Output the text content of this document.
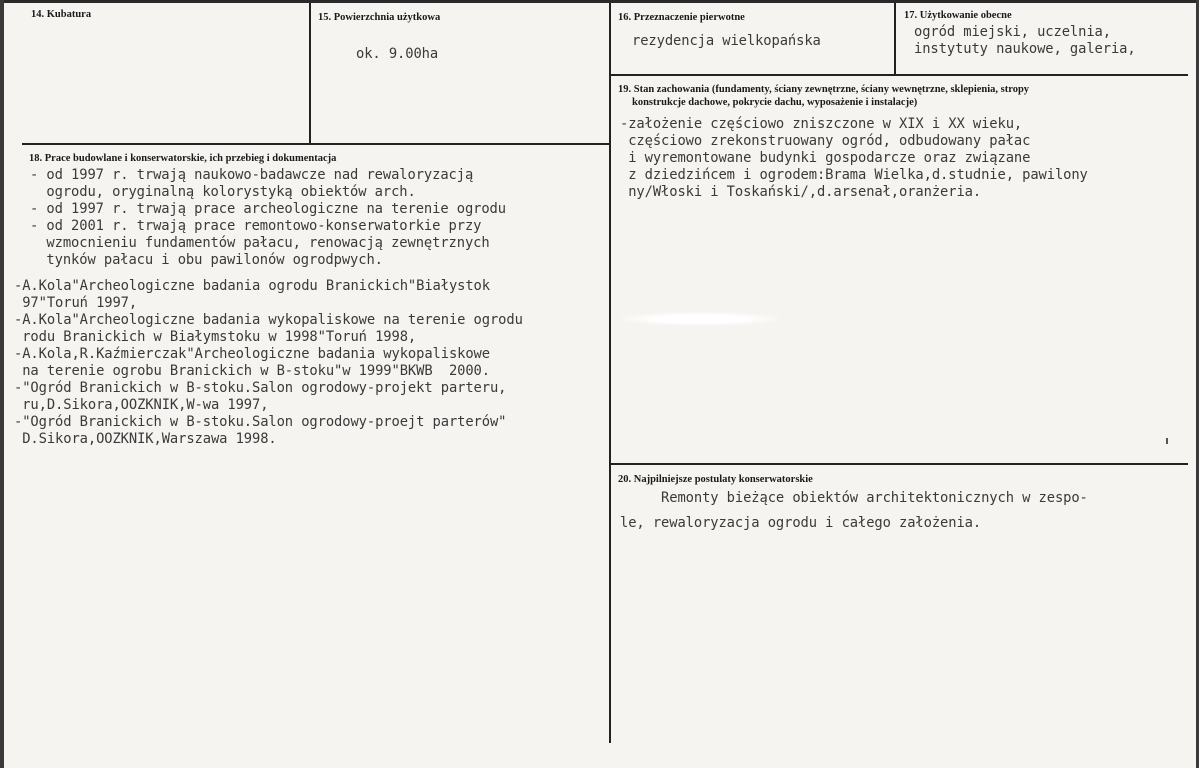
14. Kubatura	15. Powierzchnia użytkowa
ok. 9.00ha
16. Przeznaczenie pierwotne
rezydencja wielkopańska
17. Użytkowanie obecne
ogród miejski, uczelnia,
instytuty naukowe, galeria,
18. Prace budowlane i konserwatorskie, ich przebieg i dokumentacja
- od 1997 r. trwają naukowo-badawcze nad rewaloryzacją
ogrodu, oryginalną kolorystyką obiektów arch.
- od 1997 r. trwają prace archeologiczne na terenie ogrodu
- od 2001 r. trwają prace remontowo-konserwatorkie przy
wzmocnieniu fundamentów pałacu, renowacją zewnętrznych
tynków pałacu i obu pawilonów ogrodpwych.
-A.Kola"Archeologiczne badania ogrodu Branickich"Białystok
97"Toruń 1997,
-A.Kola"Archeologiczne badania wykopaliskowe na terenie ogrodu
rodu Branickich w Białymstoku w 1998"Toruń 1998,
-A.Kola,R.Kaźmierczak"Archeologiczne badania wykopaliskowe
na terenie ogrobu Branickich w B-stoku"w 1999"BKWB  2000.
-"Ogród Branickich w B-stoku.Salon ogrodowy-projekt parteru,
ru,D.Sikora,OOZKNIK,W-wa 1997,
-"Ogród Branickich w B-stoku.Salon ogrodowy-proejt parterów"
D.Sikora,OOZKNIK,Warszawa 1998.
19. Stan zachowania (fundamenty, ściany zewnętrzne, ściany wewnętrzne, sklepienia, stropy
konstrukcje dachowe, pokrycie dachu, wyposażenie i instalacje)
-założenie częściowo zniszczone w XIX i XX wieku,
częściowo zrekonstruowany ogród, odbudowany pałac
i wyremontowane budynki gospodarcze oraz związane
z dziedzińcem i ogrodem:Brama Wielka,d.studnie, pawilony
ny/Włoski i Toskański/,d.arsenał,oranżeria.
20. Najpilniejsze postulaty konserwatorskie
Remonty bieżące obiektów architektonicznych w zespo-
le, rewaloryzacja ogrodu i całego założenia.
